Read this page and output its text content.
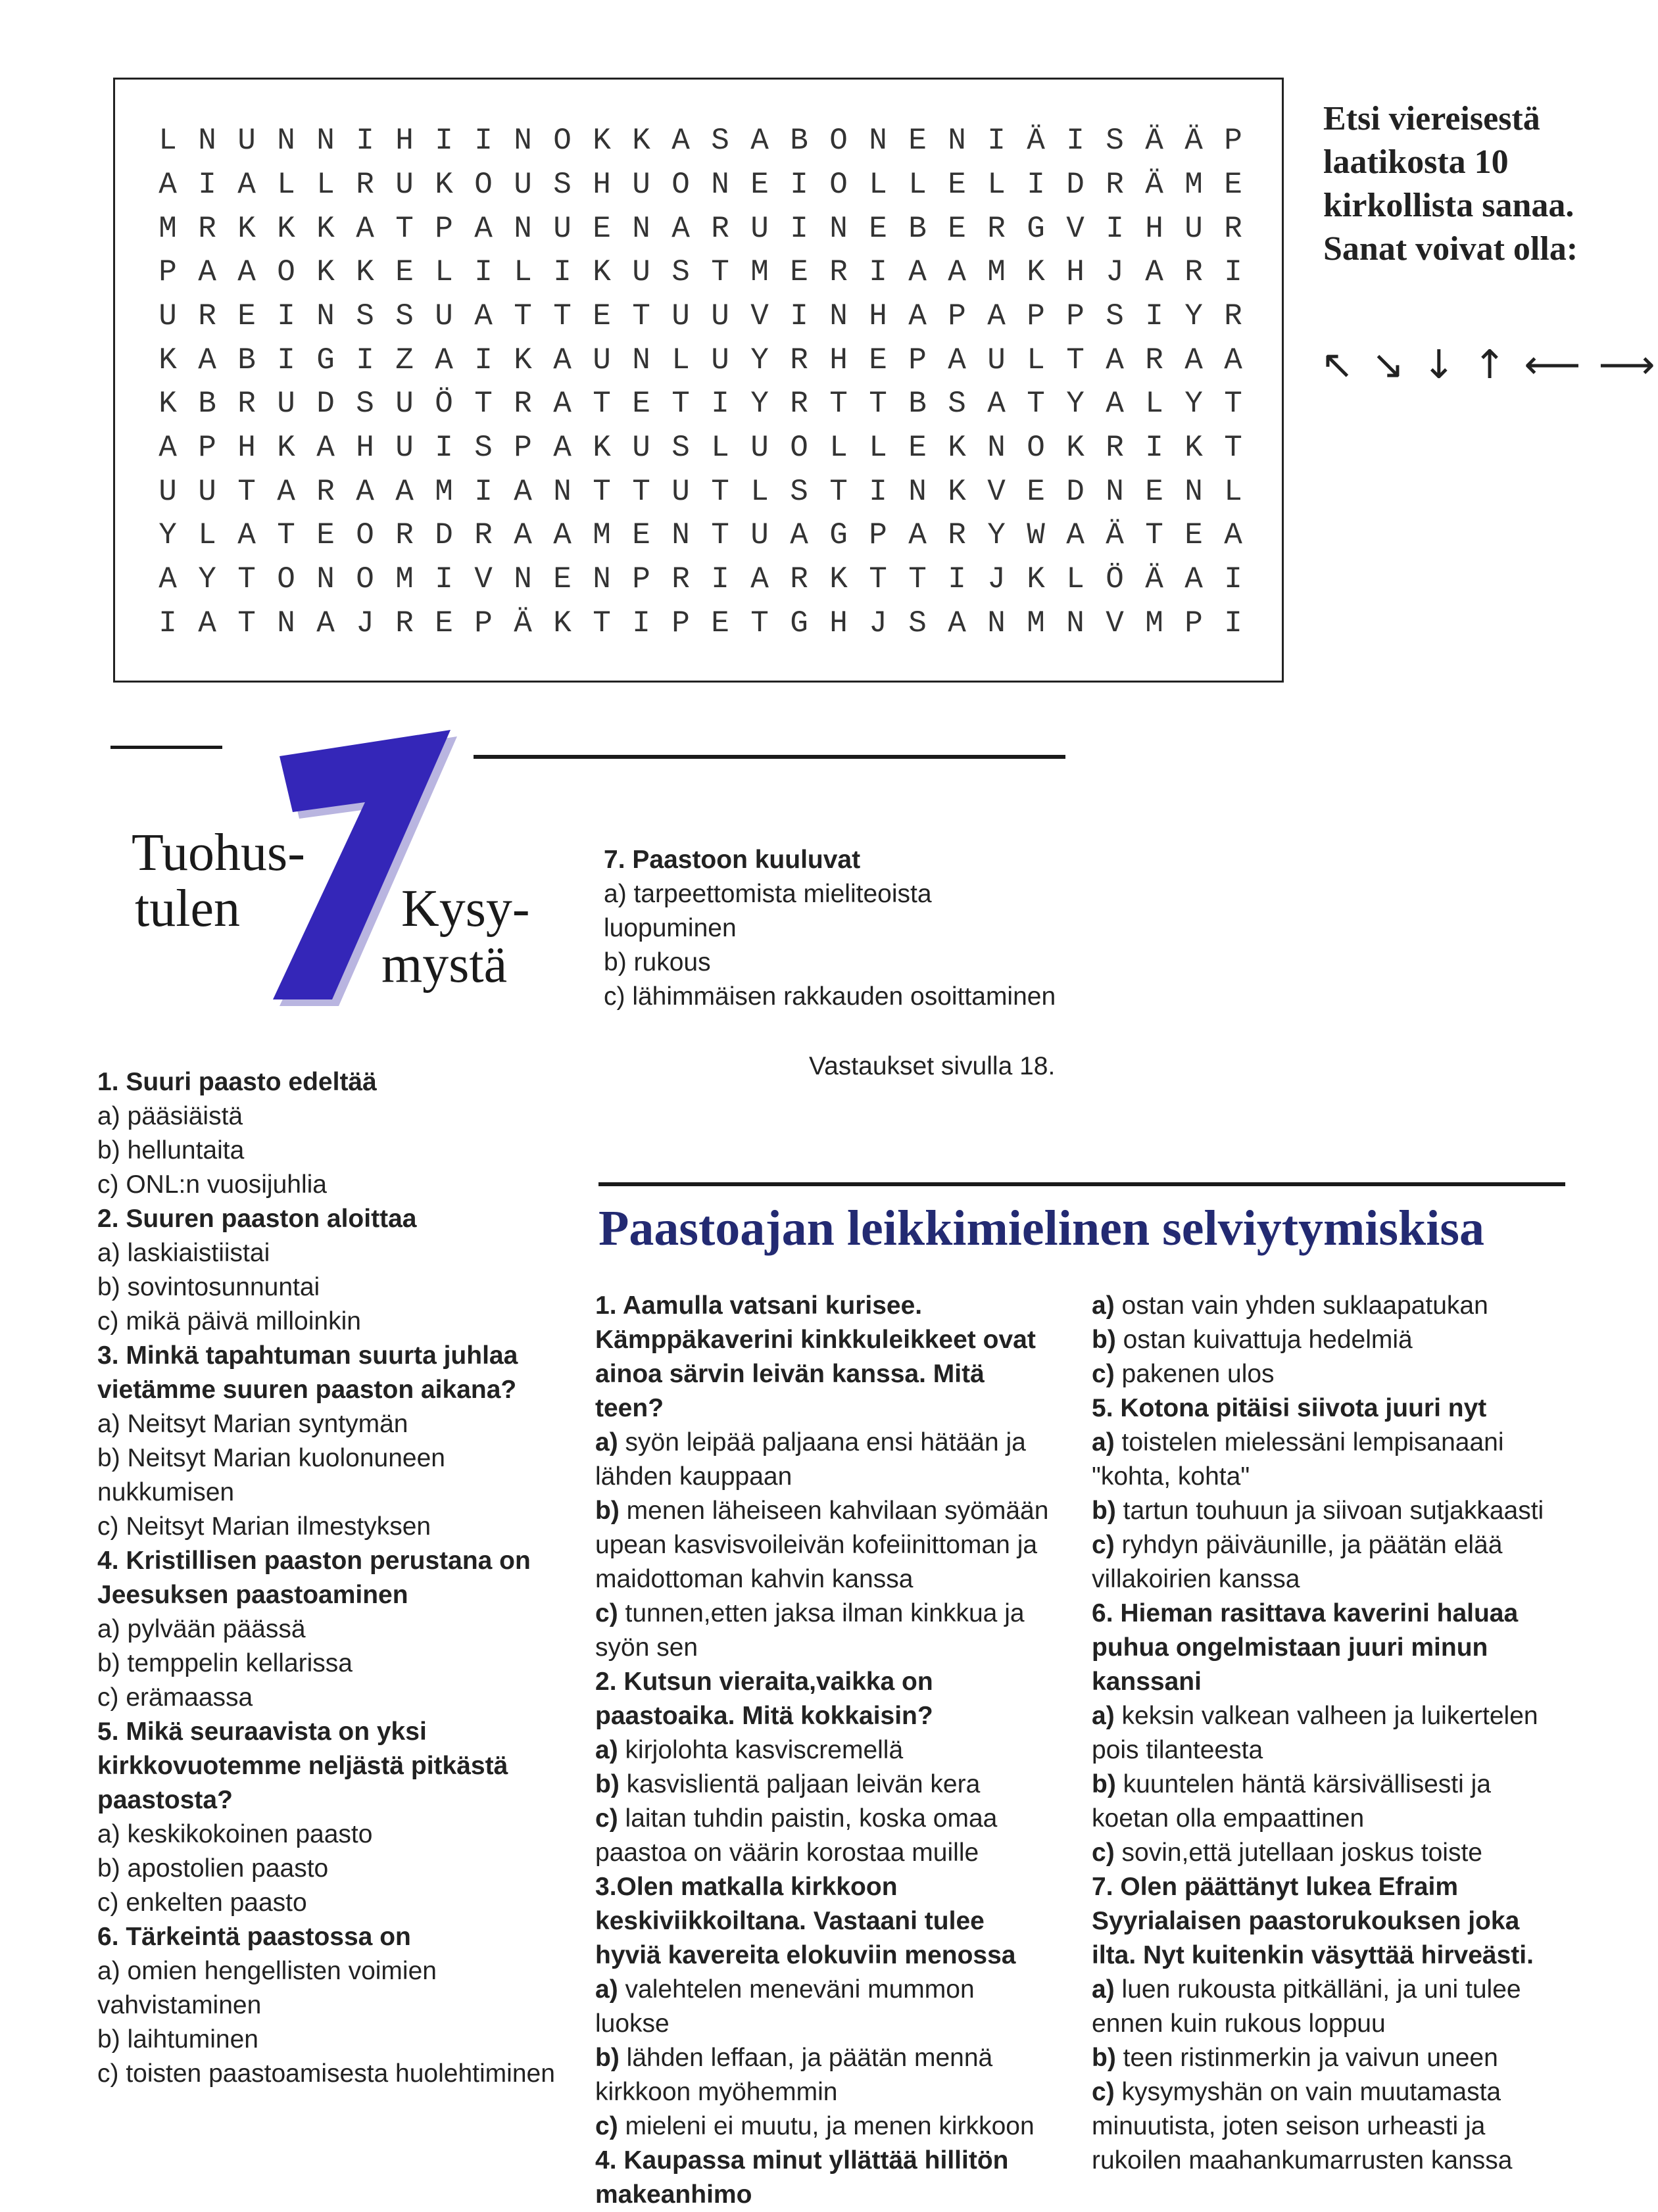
L N U N N I H I I N O K K A S A B O N E N I Ä I S Ä Ä P
A I A L L R U K O U S H U O N E I O L L E L I D R Ä M E
M R K K K A T P A N U E N A R U I N E B E R G V I H U R
P A A O K K E L I L I K U S T M E R I A A M K H J A R I
U R E I N S S U A T T E T U U V I N H A P A P P S I Y R
K A B I G I Z A I K A U N L U Y R H E P A U L T A R A A
K B R U D S U Ö T R A T E T I Y R T T B S A T Y A L Y T
A P H K A H U I S P A K U S L U O L L E K N O K R I K T
U U T A R A A M I A N T T U T L S T I N K V E D N E N L
Y L A T E O R D R A A M E N T U A G P A R Y W A Ä T E A
A Y T O N O M I V N E N P R I A R K T T I J K L Ö Ä A I
I A T N A J R E P Ä K T I P E T G H J S A N M N V M P I
Etsi viereisestä laatikosta 10 kirkollista sanaa. Sanat voivat olla:
↖ ↘ ↓ ↑ ⟵ ⟶
Tuohus-
tulen	Kysy-
mystä
1. Suuri paasto edeltää
a) pääsiäistä
b) helluntaita
c) ONL:n vuosijuhlia
2. Suuren paaston aloittaa
a) laskiaistiistai
b) sovintosunnuntai
c) mikä päivä milloinkin
3. Minkä tapahtuman suurta juhlaa vietämme suuren paaston aikana?
a) Neitsyt Marian syntymän
b) Neitsyt Marian kuolonuneen nukkumisen
c) Neitsyt Marian ilmestyksen
4. Kristillisen paaston perustana on Jeesuksen paastoaminen
a) pylvään päässä
b) temppelin kellarissa
c) erämaassa
5. Mikä seuraavista on yksi kirkkovuotemme neljästä pitkästä paastosta?
a) keskikokoinen paasto
b) apostolien paasto
c) enkelten paasto
6. Tärkeintä paastossa on
a) omien hengellisten voimien vahvistaminen
b) laihtuminen
c) toisten paastoamisesta huolehtiminen
7. Paastoon kuuluvat
a) tarpeettomista mieliteoista luopuminen
b) rukous
c) lähimmäisen rakkauden osoittaminen
Vastaukset sivulla 18.
Paastoajan leikkimielinen selviytymiskisa
1. Aamulla vatsani kurisee. Kämppäkaverini kinkkuleikkeet ovat ainoa särvin leivän kanssa. Mitä teen?
a) syön leipää paljaana ensi hätään ja lähden kauppaan
b) menen läheiseen kahvilaan syömään upean kasvisvoileivän kofeiinittoman ja maidottoman kahvin kanssa
c) tunnen,etten jaksa ilman kinkkua ja syön sen
2. Kutsun vieraita,vaikka on paastoaika. Mitä kokkaisin?
a) kirjolohta kasviscremellä
b) kasvislientä paljaan leivän kera
c) laitan tuhdin paistin, koska omaa paastoa on väärin korostaa muille
3.Olen matkalla kirkkoon keskiviikkoiltana. Vastaani tulee hyviä kavereita elokuviin menossa
a) valehtelen meneväni mummon luokse
b) lähden leffaan, ja päätän mennä kirkkoon myöhemmin
c) mieleni ei muutu, ja menen kirkkoon
4. Kaupassa minut yllättää hillitön makeanhimo
a) ostan vain yhden suklaapatukan
b) ostan kuivattuja hedelmiä
c) pakenen ulos
5. Kotona pitäisi siivota juuri nyt
a) toistelen mielessäni lempisanaani "kohta, kohta"
b) tartun touhuun ja siivoan sutjakkaasti
c) ryhdyn päiväunille, ja päätän elää villakoirien kanssa
6. Hieman rasittava kaverini haluaa puhua ongelmistaan juuri minun kanssani
a) keksin valkean valheen ja luikertelen pois tilanteesta
b) kuuntelen häntä kärsivällisesti ja koetan olla empaattinen
c) sovin,että jutellaan joskus toiste
7. Olen päättänyt lukea Efraim Syyrialaisen paastorukouksen joka ilta. Nyt kuitenkin väsyttää hirveästi.
a) luen rukousta pitkälläni, ja uni tulee ennen kuin rukous loppuu
b) teen ristinmerkin ja vaivun uneen
c) kysymyshän on vain muutamasta minuutista, joten seison urheasti ja rukoilen maahankumarrusten kanssa
